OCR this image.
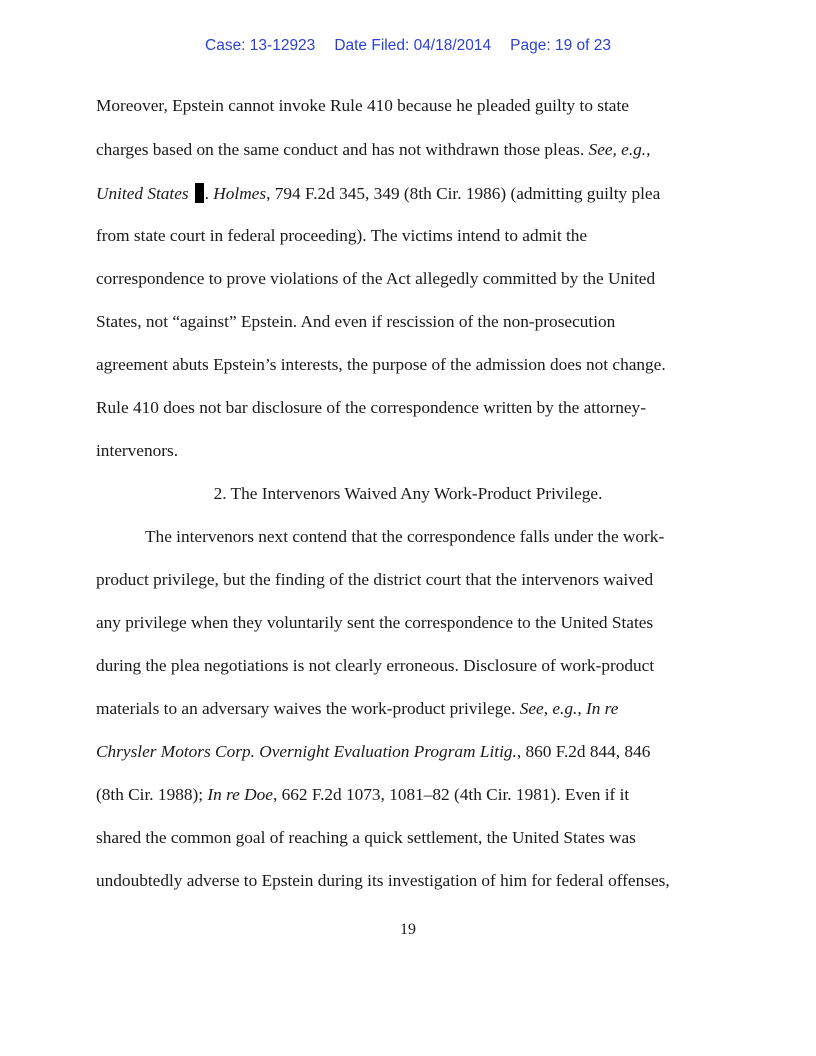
Case: 13-12923 Date Filed: 04/18/2014 Page: 19 of 23
Moreover, Epstein cannot invoke Rule 410 because he pleaded guilty to state
charges based on the same conduct and has not withdrawn those pleas. See, e.g.,
United States . Holmes, 794 F.2d 345, 349 (8th Cir. 1986) (admitting guilty plea
from state court in federal proceeding). The victims intend to admit the
correspondence to prove violations of the Act allegedly committed by the United
States, not “against” Epstein. And even if rescission of the non-prosecution
agreement abuts Epstein’s interests, the purpose of the admission does not change.
Rule 410 does not bar disclosure of the correspondence written by the attorney-
intervenors.
2. The Intervenors Waived Any Work-Product Privilege.
The intervenors next contend that the correspondence falls under the work-
product privilege, but the finding of the district court that the intervenors waived
any privilege when they voluntarily sent the correspondence to the United States
during the plea negotiations is not clearly erroneous. Disclosure of work-product
materials to an adversary waives the work-product privilege. See, e.g., In re
Chrysler Motors Corp. Overnight Evaluation Program Litig., 860 F.2d 844, 846
(8th Cir. 1988); In re Doe, 662 F.2d 1073, 1081–82 (4th Cir. 1981). Even if it
shared the common goal of reaching a quick settlement, the United States was
undoubtedly adverse to Epstein during its investigation of him for federal offenses,
19
